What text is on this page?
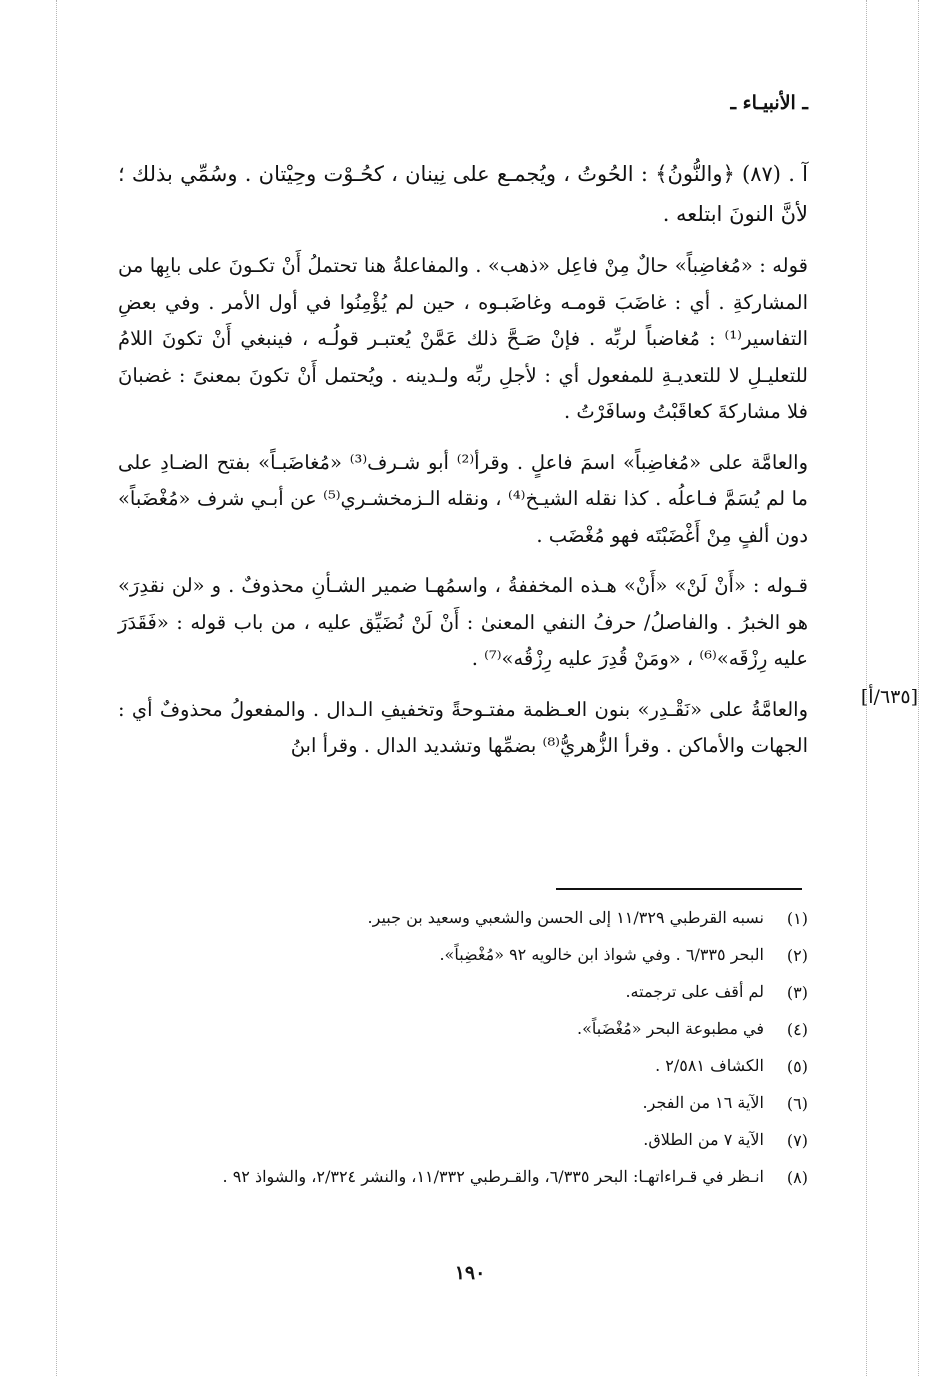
ـ الأنبيـاء ـ

آ . (٨٧) ﴿والنُّونُ﴾ : الحُوتُ ، ويُجمـع على نِينان ، كحُـوْت وحِيْتان . وسُمِّي بذلك ؛ لأنَّ النونَ ابتلعه .

قوله : «مُغاضِباً» حالٌ مِنْ فاعِل «ذهب» . والمفاعلةُ هنا تحتملُ أَنْ تكـونَ على بابِها من المشاركةِ . أي : غاضَبَ قومـه وغاضَبـوه ، حين لم يُؤْمِنُوا في أول الأمر . وفي بعضِ التفاسير⁽¹⁾ : مُغاضباً لربِّه . فإنْ صَـحَّ ذلك عَمَّنْ يُعتبـر قولُـه ، فينبغي أَنْ تكونَ اللامُ للتعليـلِ لا للتعديـةِ للمفعول أي : لأجلِ ربِّه ولـدينه . ويُحتمل أَنْ تكونَ بمعنىً : غضبانَ فلا مشاركةَ كعاقَبْتُ وسافَرْتُ .

والعامَّة على «مُغاضِباً» اسمَ فاعلٍ . وقرأ⁽²⁾ أبو شـرف⁽³⁾ «مُغاضَبـاً» بفتح الضـادِ على ما لم يُسَمَّ فـاعلُه . كذا نقله الشيـخ⁽⁴⁾ ، ونقله الـزمخشـري⁽⁵⁾ عن أبـي شرف «مُغْضَباً» دون ألفٍ مِنْ أَغْضَبْتَه فهو مُغْضَب .

قـوله : «أَنْ لَنْ» «أَنْ» هـذه المخففةُ ، واسمُهـا ضمير الشـأنِ محذوفٌ . و «لن نقدِرَ» هو الخبرُ . والفاصلُ/ حرفُ النفي المعنىٰ : أَنْ لَنْ نُضَيِّق عليه ، من باب قوله : «فَقَدَرَ عليه رِزْقَه»⁽⁶⁾ ، «ومَنْ قُدِرَ عليه رِزْقُه»⁽⁷⁾ .

والعامَّةُ على «نَقْـدِر» بنون العـظمة مفتـوحةً وتخفيفِ الـدال . والمفعولُ محذوفٌ أي : الجهات والأماكن . وقرأ الزُّهريُّ⁽⁸⁾ بضمِّها وتشديد الدال . وقرأ ابنُ

[٦٣٥/أ]
(١)
نسبه القرطبي ١١/٣٢٩ إلى الحسن والشعبي وسعيد بن جبير.
(٢)
البحر ٦/٣٣٥ . وفي شواذ ابن خالويه ٩٢ «مُغْضِباً».
(٣)
لم أقف على ترجمته.
(٤)
في مطبوعة البحر «مُغْضَباً».
(٥)
الكشاف ٢/٥٨١ .
(٦)
الآية ١٦ من الفجر.
(٧)
الآية ٧ من الطلاق.
(٨)
انـظر في قـراءاتهـا: البحر ٦/٣٣٥، والقـرطبي ١١/٣٣٢، والنشر ٢/٣٢٤، والشواذ ٩٢ .
١٩٠
